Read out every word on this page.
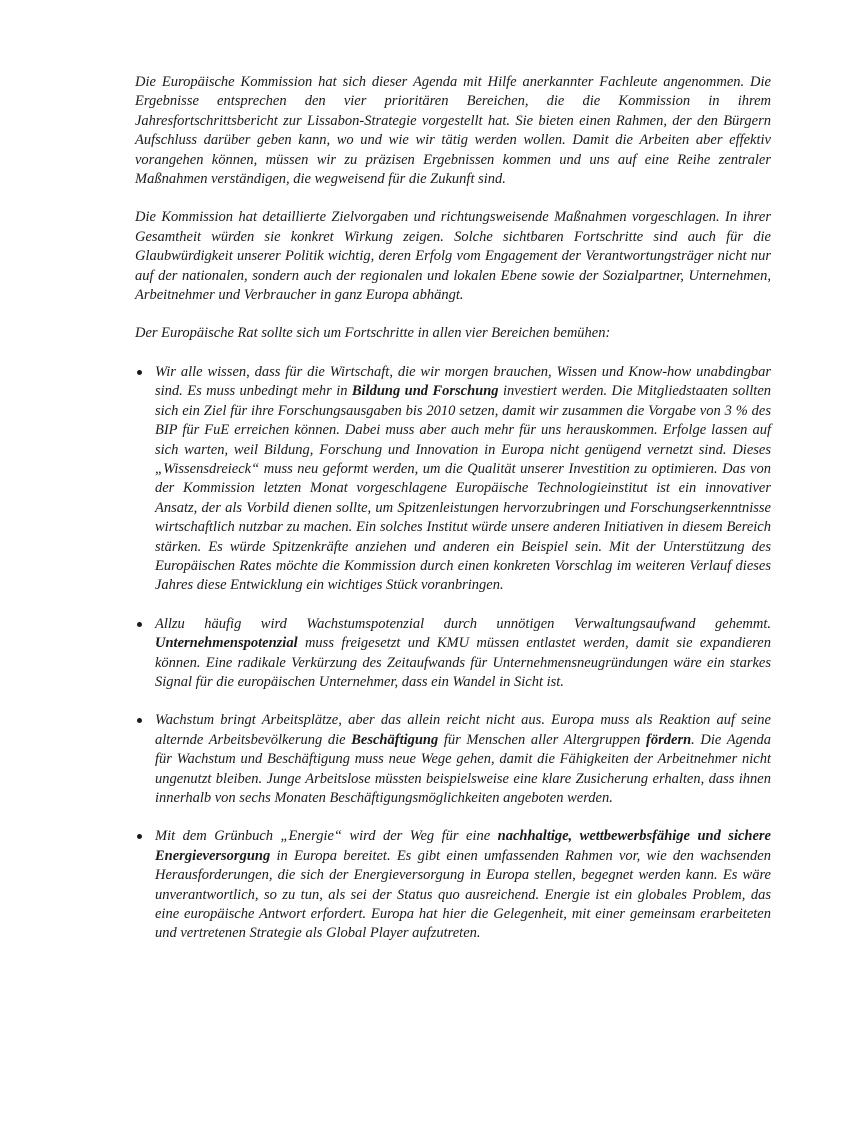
Die Europäische Kommission hat sich dieser Agenda mit Hilfe anerkannter Fachleute angenommen. Die Ergebnisse entsprechen den vier prioritären Bereichen, die die Kommission in ihrem Jahresfortschrittsbericht zur Lissabon-Strategie vorgestellt hat. Sie bieten einen Rahmen, der den Bürgern Aufschluss darüber geben kann, wo und wie wir tätig werden wollen. Damit die Arbeiten aber effektiv vorangehen können, müssen wir zu präzisen Ergebnissen kommen und uns auf eine Reihe zentraler Maßnahmen verständigen, die wegweisend für die Zukunft sind.

Die Kommission hat detaillierte Zielvorgaben und richtungsweisende Maßnahmen vorgeschlagen. In ihrer Gesamtheit würden sie konkret Wirkung zeigen. Solche sichtbaren Fortschritte sind auch für die Glaubwürdigkeit unserer Politik wichtig, deren Erfolg vom Engagement der Verantwortungsträger nicht nur auf der nationalen, sondern auch der regionalen und lokalen Ebene sowie der Sozialpartner, Unternehmen, Arbeitnehmer und Verbraucher in ganz Europa abhängt.

Der Europäische Rat sollte sich um Fortschritte in allen vier Bereichen bemühen:

Wir alle wissen, dass für die Wirtschaft, die wir morgen brauchen, Wissen und Know-how unabdingbar sind. Es muss unbedingt mehr in Bildung und Forschung investiert werden. Die Mitgliedstaaten sollten sich ein Ziel für ihre Forschungsausgaben bis 2010 setzen, damit wir zusammen die Vorgabe von 3 % des BIP für FuE erreichen können. Dabei muss aber auch mehr für uns herauskommen. Erfolge lassen auf sich warten, weil Bildung, Forschung und Innovation in Europa nicht genügend vernetzt sind. Dieses „Wissensdreieck“ muss neu geformt werden, um die Qualität unserer Investition zu optimieren. Das von der Kommission letzten Monat vorgeschlagene Europäische Technologieinstitut ist ein innovativer Ansatz, der als Vorbild dienen sollte, um Spitzenleistungen hervorzubringen und Forschungserkenntnisse wirtschaftlich nutzbar zu machen. Ein solches Institut würde unsere anderen Initiativen in diesem Bereich stärken. Es würde Spitzenkräfte anziehen und anderen ein Beispiel sein. Mit der Unterstützung des Europäischen Rates möchte die Kommission durch einen konkreten Vorschlag im weiteren Verlauf dieses Jahres diese Entwicklung ein wichtiges Stück voranbringen.

Allzu häufig wird Wachstumspotenzial durch unnötigen Verwaltungsaufwand gehemmt. Unternehmenspotenzial muss freigesetzt und KMU müssen entlastet werden, damit sie expandieren können. Eine radikale Verkürzung des Zeitaufwands für Unternehmensneugründungen wäre ein starkes Signal für die europäischen Unternehmer, dass ein Wandel in Sicht ist.

Wachstum bringt Arbeitsplätze, aber das allein reicht nicht aus. Europa muss als Reaktion auf seine alternde Arbeitsbevölkerung die Beschäftigung für Menschen aller Altergruppen fördern. Die Agenda für Wachstum und Beschäftigung muss neue Wege gehen, damit die Fähigkeiten der Arbeitnehmer nicht ungenutzt bleiben. Junge Arbeitslose müssten beispielsweise eine klare Zusicherung erhalten, dass ihnen innerhalb von sechs Monaten Beschäftigungsmöglichkeiten angeboten werden.

Mit dem Grünbuch „Energie“ wird der Weg für eine nachhaltige, wettbewerbsfähige und sichere Energieversorgung in Europa bereitet. Es gibt einen umfassenden Rahmen vor, wie den wachsenden Herausforderungen, die sich der Energieversorgung in Europa stellen, begegnet werden kann. Es wäre unverantwortlich, so zu tun, als sei der Status quo ausreichend. Energie ist ein globales Problem, das eine europäische Antwort erfordert. Europa hat hier die Gelegenheit, mit einer gemeinsam erarbeiteten und vertretenen Strategie als Global Player aufzutreten.
